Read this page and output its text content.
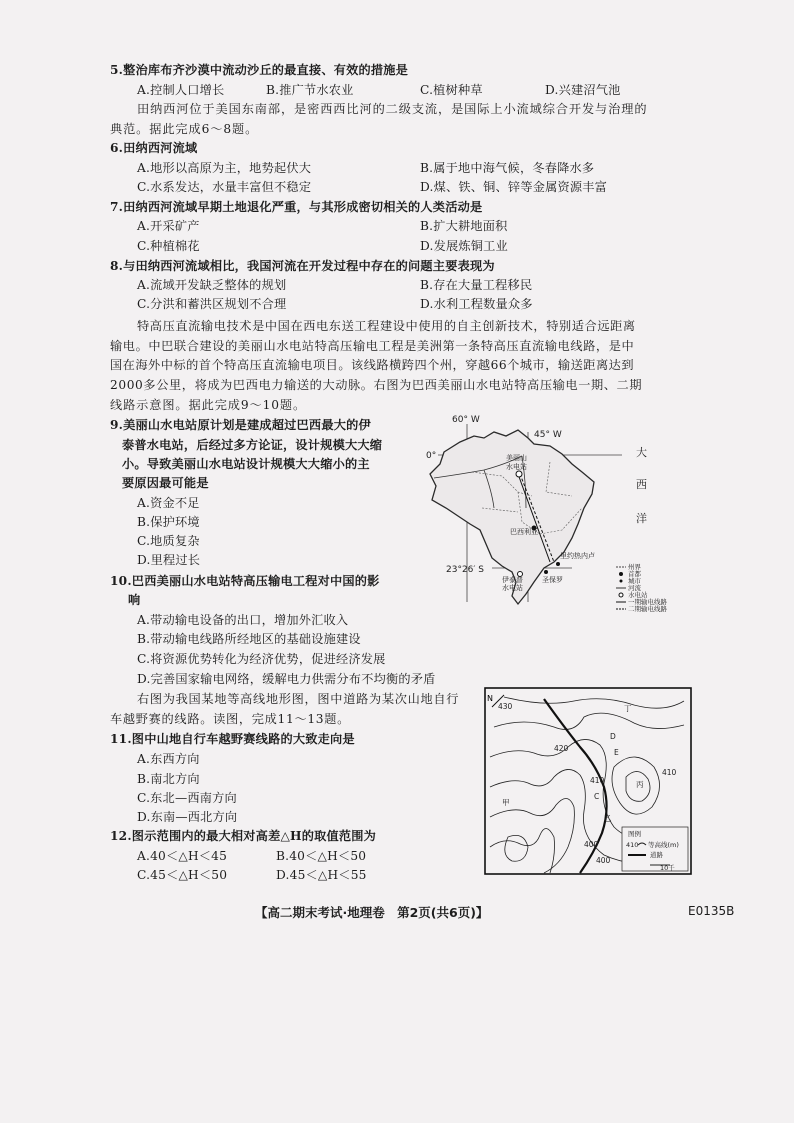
5.整治库布齐沙漠中流动沙丘的最直接、有效的措施是
A.控制人口增长	B.推广节水农业	C.植树种草	D.兴建沼气池
田纳西河位于美国东南部，是密西西比河的二级支流，是国际上小流域综合开发与治理的
典范。据此完成6～8题。
6.田纳西河流域
A.地形以高原为主，地势起伏大	B.属于地中海气候，冬春降水多
C.水系发达，水量丰富但不稳定	D.煤、铁、铜、锌等金属资源丰富
7.田纳西河流域早期土地退化严重，与其形成密切相关的人类活动是
A.开采矿产	B.扩大耕地面积
C.种植棉花	D.发展炼铜工业
8.与田纳西河流域相比，我国河流在开发过程中存在的问题主要表现为
A.流域开发缺乏整体的规划	B.存在大量工程移民
C.分洪和蓄洪区规划不合理	D.水利工程数量众多
特高压直流输电技术是中国在西电东送工程建设中使用的自主创新技术，特别适合远距离
输电。中巴联合建设的美丽山水电站特高压输电工程是美洲第一条特高压直流输电线路，是中
国在海外中标的首个特高压直流输电项目。该线路横跨四个州，穿越66个城市，输送距离达到
2000多公里，将成为巴西电力输送的大动脉。右图为巴西美丽山水电站特高压输电一期、二期
线路示意图。据此完成9～10题。
9.美丽山水电站原计划是建成超过巴西最大的伊
泰普水电站，后经过多方论证，设计规模大大缩
小。导致美丽山水电站设计规模大大缩小的主
要原因最可能是
A.资金不足
B.保护环境
C.地质复杂
D.里程过长
10.巴西美丽山水电站特高压输电工程对中国的影
响
A.带动输电设备的出口，增加外汇收入
B.带动输电线路所经地区的基础设施建设
C.将资源优势转化为经济优势，促进经济发展
D.完善国家输电网络，缓解电力供需分布不均衡的矛盾
右图为我国某地等高线地形图，图中道路为某次山地自行
车越野赛的线路。读图，完成11～13题。
11.图中山地自行车越野赛线路的大致走向是
A.东西方向
B.南北方向
C.东北—西南方向
D.东南—西北方向
12.图示范围内的最大相对高差△H的取值范围为
A.40＜△H＜45	B.40＜△H＜50
C.45＜△H＜50	D.45＜△H＜55
60° W
45° W
0°
23°26′ S
美丽山
水电站
巴西利亚
里约热内卢
圣保罗
伊泰普
水电站
大
西
洋
州界
首都
城市
河流
水电站
一期输电线路
二期输电线路
N
430
420
410
410
400
400
甲
乙
丙
丁
C
D
E
图例
410 等高线(m)
道路
10千
【高二期末考试·地理卷 第2页(共6页)】	E0135B
